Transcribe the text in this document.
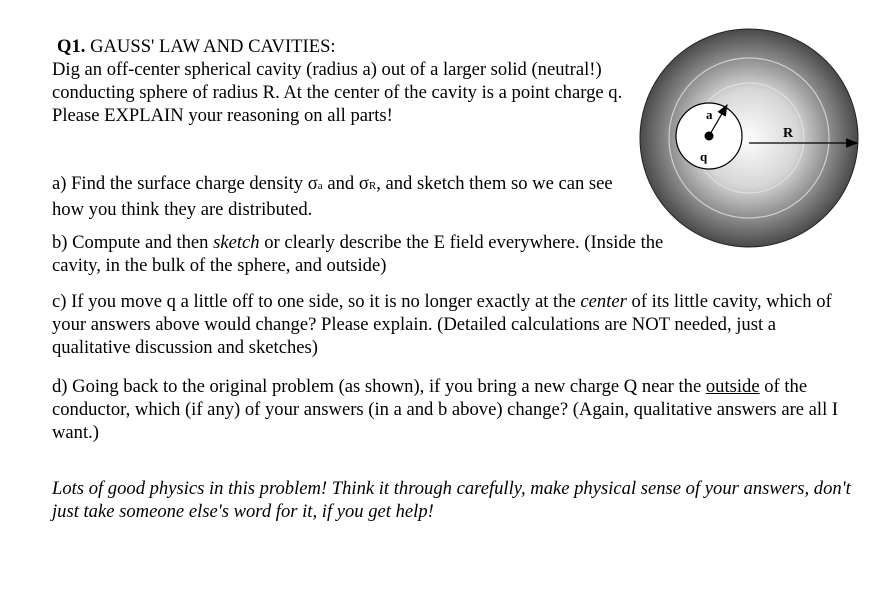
Q1. GAUSS' LAW AND CAVITIES:

Dig an off-center spherical cavity (radius a) out of a larger solid (neutral!) conducting sphere of radius R. At the center of the cavity is a point charge q. Please EXPLAIN your reasoning on all parts!

a) Find the surface charge density σa and σR, and sketch them so we can see how you think they are distributed.

b) Compute and then sketch or clearly describe the E field everywhere. (Inside the cavity, in the bulk of the sphere, and outside)

c) If you move q a little off to one side, so it is no longer exactly at the center of its little cavity, which of your answers above would change? Please explain. (Detailed calculations are NOT needed, just a qualitative discussion and sketches)

d) Going back to the original problem (as shown), if you bring a new charge Q near the outside of the conductor, which (if any) of your answers (in a and b above) change? (Again, qualitative answers are all I want.)

Lots of good physics in this problem! Think it through carefully, make physical sense of your answers, don't just take someone else's word for it, if you get help!

a
q
R
